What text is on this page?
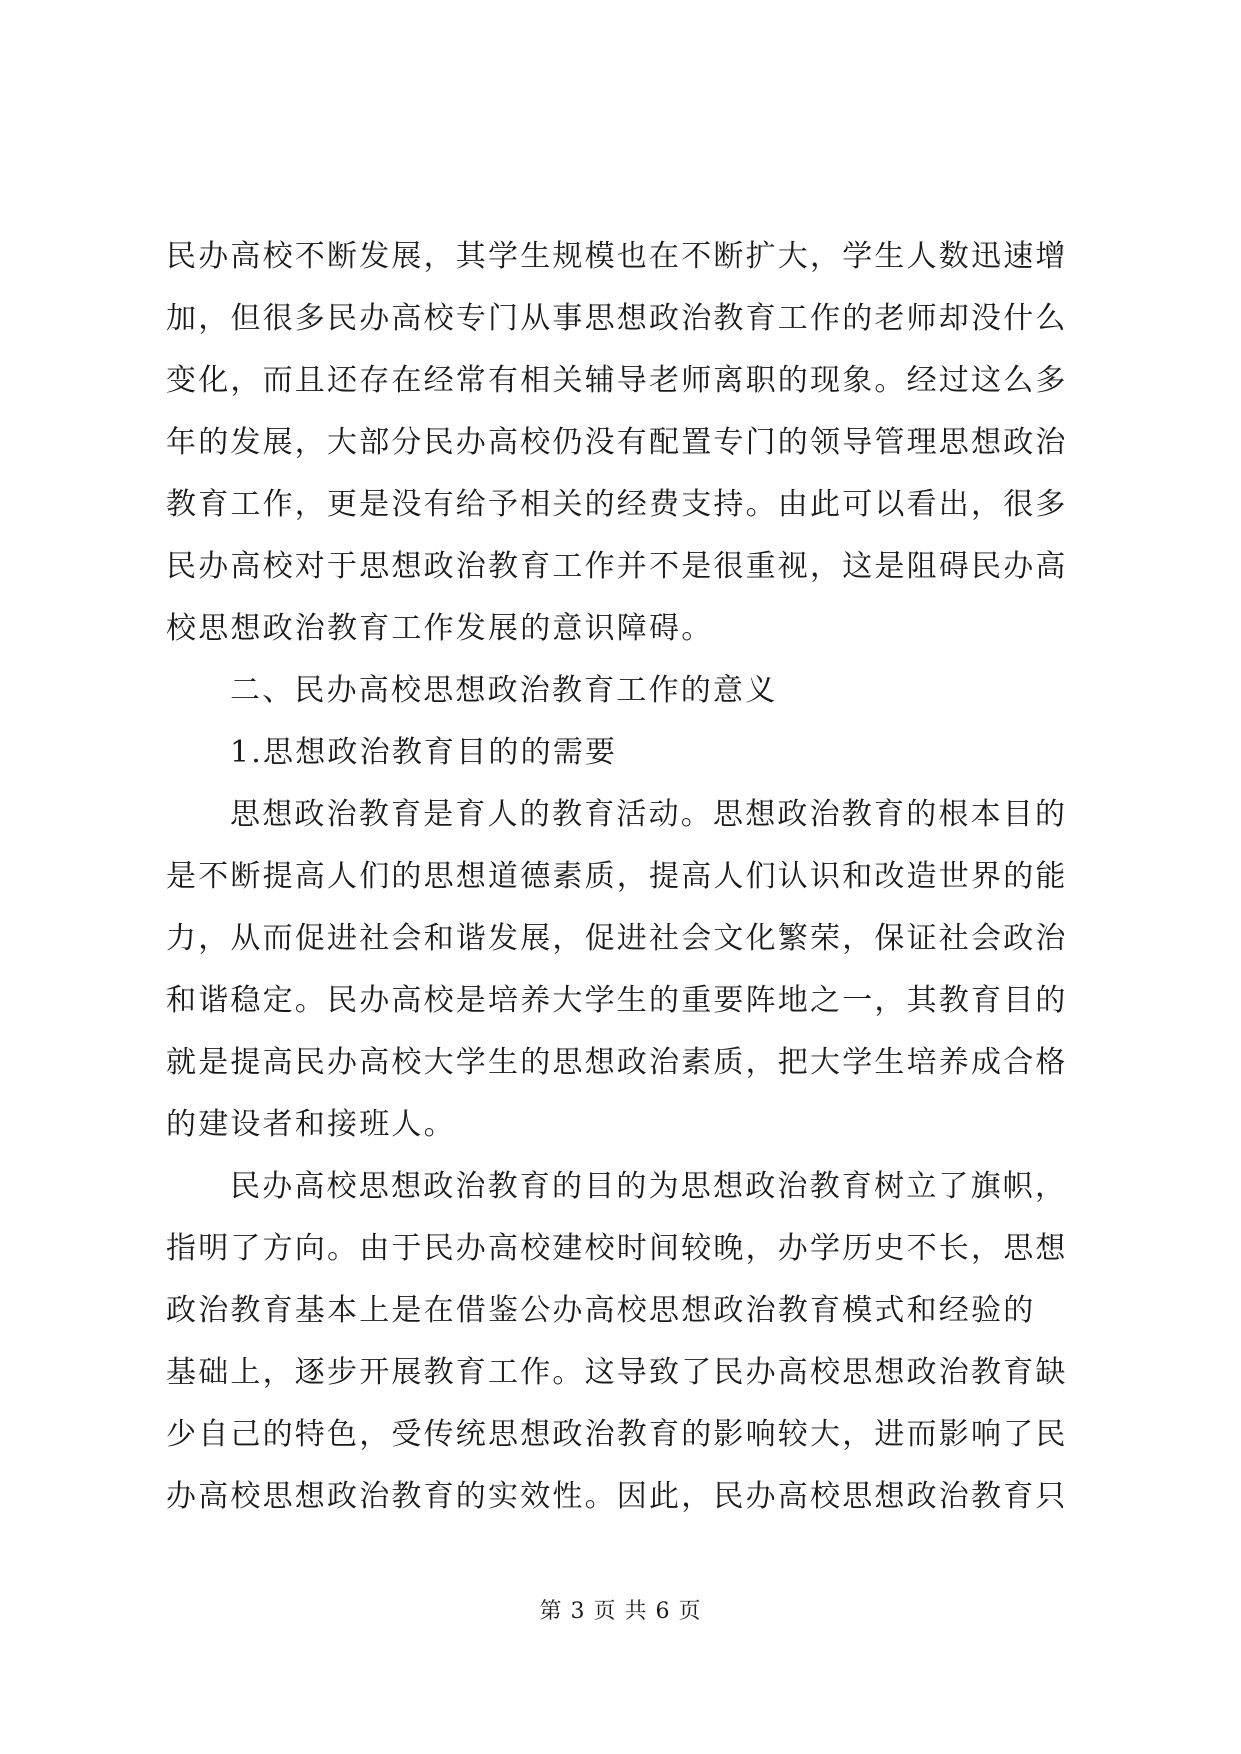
民办高校不断发展，其学生规模也在不断扩大，学生人数迅速增
加，但很多民办高校专门从事思想政治教育工作的老师却没什么
变化，而且还存在经常有相关辅导老师离职的现象。经过这么多
年的发展，大部分民办高校仍没有配置专门的领导管理思想政治
教育工作，更是没有给予相关的经费支持。由此可以看出，很多
民办高校对于思想政治教育工作并不是很重视，这是阻碍民办高
校思想政治教育工作发展的意识障碍。
二、民办高校思想政治教育工作的意义
1.思想政治教育目的的需要
思想政治教育是育人的教育活动。思想政治教育的根本目的
是不断提高人们的思想道德素质，提高人们认识和改造世界的能
力，从而促进社会和谐发展，促进社会文化繁荣，保证社会政治
和谐稳定。民办高校是培养大学生的重要阵地之一，其教育目的
就是提高民办高校大学生的思想政治素质，把大学生培养成合格
的建设者和接班人。
民办高校思想政治教育的目的为思想政治教育树立了旗帜，
指明了方向。由于民办高校建校时间较晚，办学历史不长，思想
政治教育基本上是在借鉴公办高校思想政治教育模式和经验的
基础上，逐步开展教育工作。这导致了民办高校思想政治教育缺
少自己的特色，受传统思想政治教育的影响较大，进而影响了民
办高校思想政治教育的实效性。因此，民办高校思想政治教育只
第 3 页 共 6 页
